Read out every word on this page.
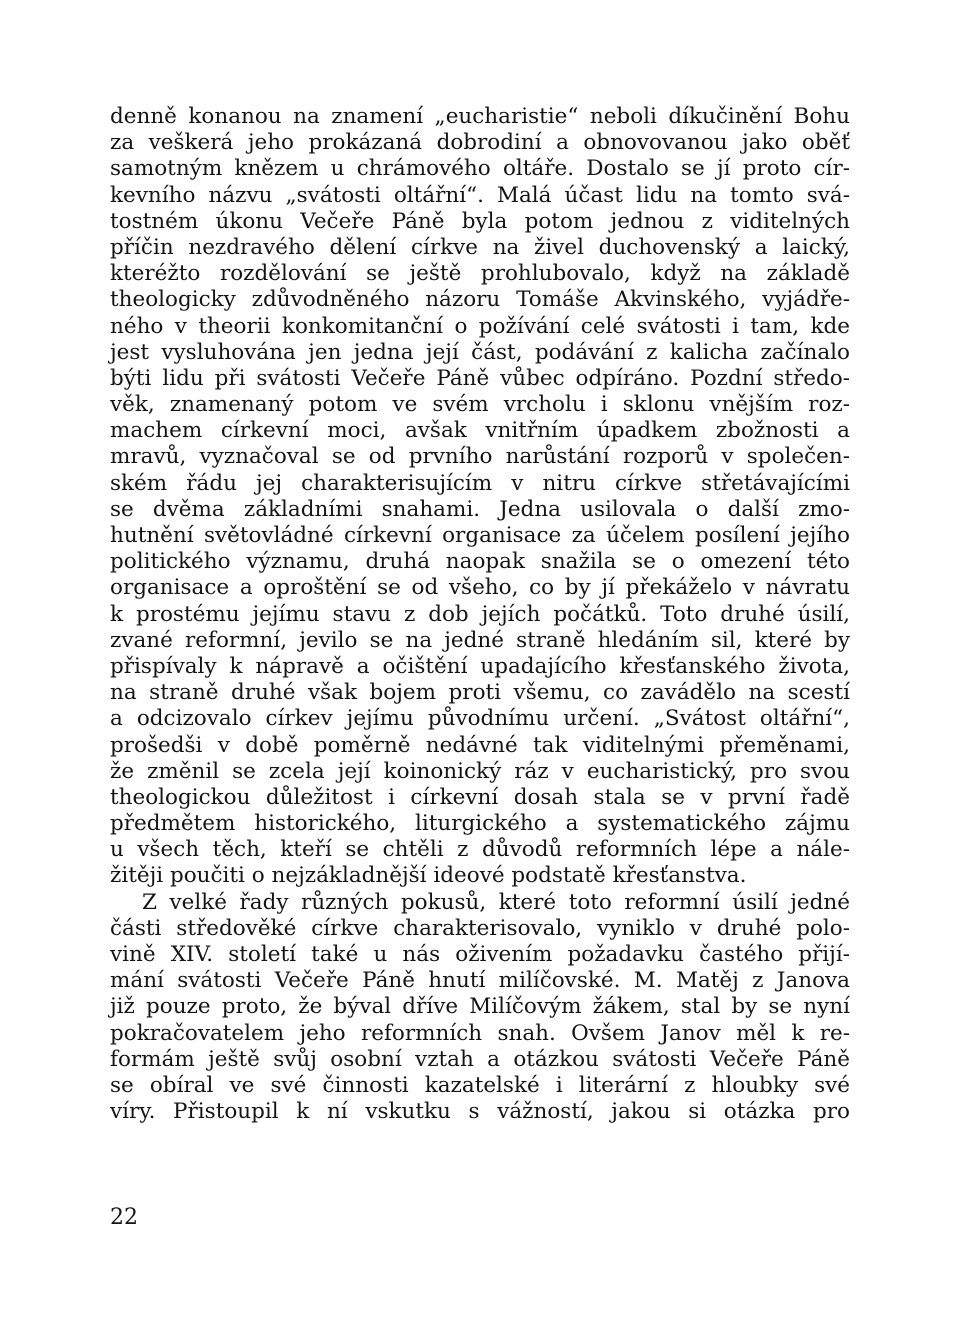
denně konanou na znamení „eucharistie“ neboli díkučinění Bohu
za veškerá jeho prokázaná dobrodiní a obnovovanou jako oběť
samotným knězem u chrámového oltáře. Dostalo se jí proto cír-
kevního názvu „svátosti oltářní“. Malá účast lidu na tomto svá-
tostném úkonu Večeře Páně byla potom jednou z viditelných
příčin nezdravého dělení církve na živel duchovenský a laický,
kteréžto rozdělování se ještě prohlubovalo, když na základě
theologicky zdůvodněného názoru Tomáše Akvinského, vyjádře-
ného v theorii konkomitanční o požívání celé svátosti i tam, kde
jest vysluhována jen jedna její část, podávání z kalicha začínalo
býti lidu při svátosti Večeře Páně vůbec odpíráno. Pozdní středo-
věk, znamenaný potom ve svém vrcholu i sklonu vnějším roz-
machem církevní moci, avšak vnitřním úpadkem zbožnosti a
mravů, vyznačoval se od prvního narůstání rozporů v společen-
ském řádu jej charakterisujícím v nitru církve střetávajícími
se dvěma základními snahami. Jedna usilovala o další zmo-
hutnění světovládné církevní organisace za účelem posílení jejího
politického významu, druhá naopak snažila se o omezení této
organisace a oproštění se od všeho, co by jí překáželo v návratu
k prostému jejímu stavu z dob jejích počátků. Toto druhé úsilí,
zvané reformní, jevilo se na jedné straně hledáním sil, které by
přispívaly k nápravě a očištění upadajícího křesťanského života,
na straně druhé však bojem proti všemu, co zavádělo na scestí
a odcizovalo církev jejímu původnímu určení. „Svátost oltářní“,
prošedši v době poměrně nedávné tak viditelnými přeměnami,
že změnil se zcela její koinonický ráz v eucharistický, pro svou
theologickou důležitost i církevní dosah stala se v první řadě
předmětem historického, liturgického a systematického zájmu
u všech těch, kteří se chtěli z důvodů reformních lépe a nále-
žitěji poučiti o nejzákladnější ideové podstatě křesťanstva.
Z velké řady různých pokusů, které toto reformní úsilí jedné
části středověké církve charakterisovalo, vyniklo v druhé polo-
vině XIV. století také u nás oživením požadavku častého přijí-
mání svátosti Večeře Páně hnutí milíčovské. M. Matěj z Janova
již pouze proto, že býval dříve Milíčovým žákem, stal by se nyní
pokračovatelem jeho reformních snah. Ovšem Janov měl k re-
formám ještě svůj osobní vztah a otázkou svátosti Večeře Páně
se obíral ve své činnosti kazatelské i literární z hloubky své
víry. Přistoupil k ní vskutku s vážností, jakou si otázka pro
22
